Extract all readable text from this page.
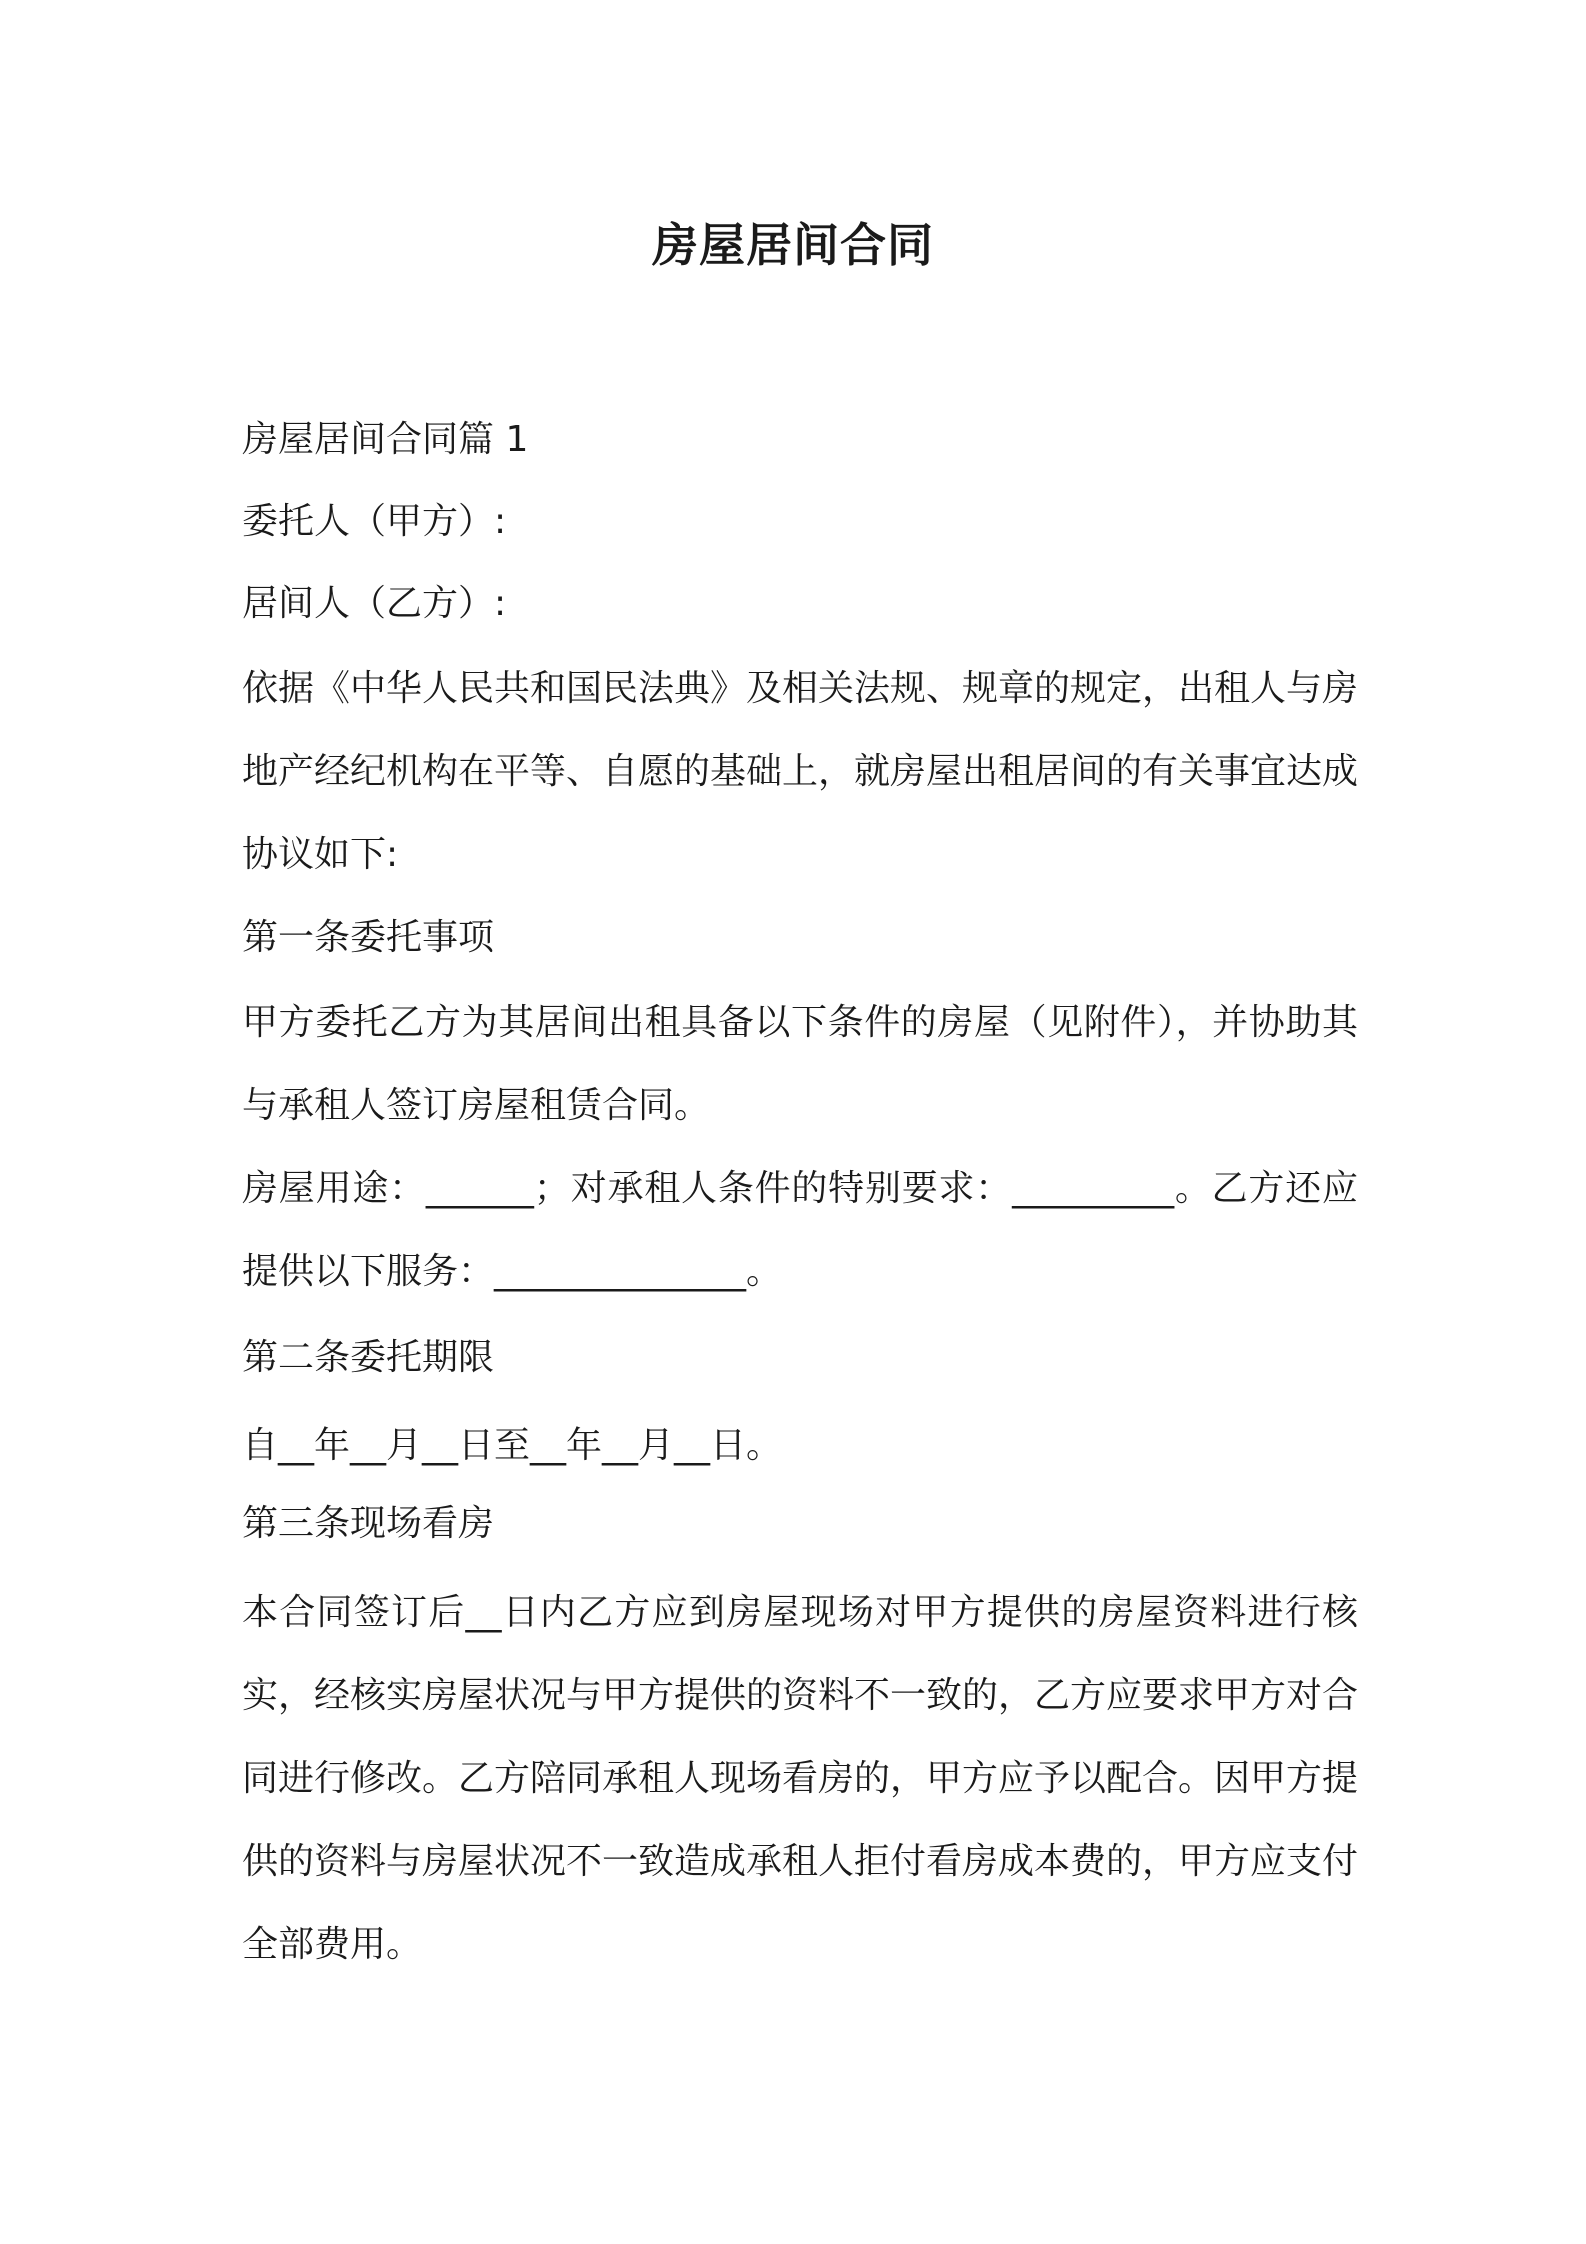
房屋居间合同
房屋居间合同篇 1
委托人（甲方）:
居间人（乙方）:
依据《中华人民共和国民法典》及相关法规、规章的规定，出租人与房地产经纪机构在平等、自愿的基础上，就房屋出租居间的有关事宜达成协议如下:
第一条委托事项
甲方委托乙方为其居间出租具备以下条件的房屋（见附件），并协助其与承租人签订房屋租赁合同。
房屋用途：______；对承租人条件的特别要求：_________。乙方还应提供以下服务：______________。
第二条委托期限
自__年__月__日至__年__月__日。
第三条现场看房
本合同签订后__日内乙方应到房屋现场对甲方提供的房屋资料进行核实，经核实房屋状况与甲方提供的资料不一致的，乙方应要求甲方对合同进行修改。乙方陪同承租人现场看房的，甲方应予以配合。因甲方提供的资料与房屋状况不一致造成承租人拒付看房成本费的，甲方应支付全部费用。
